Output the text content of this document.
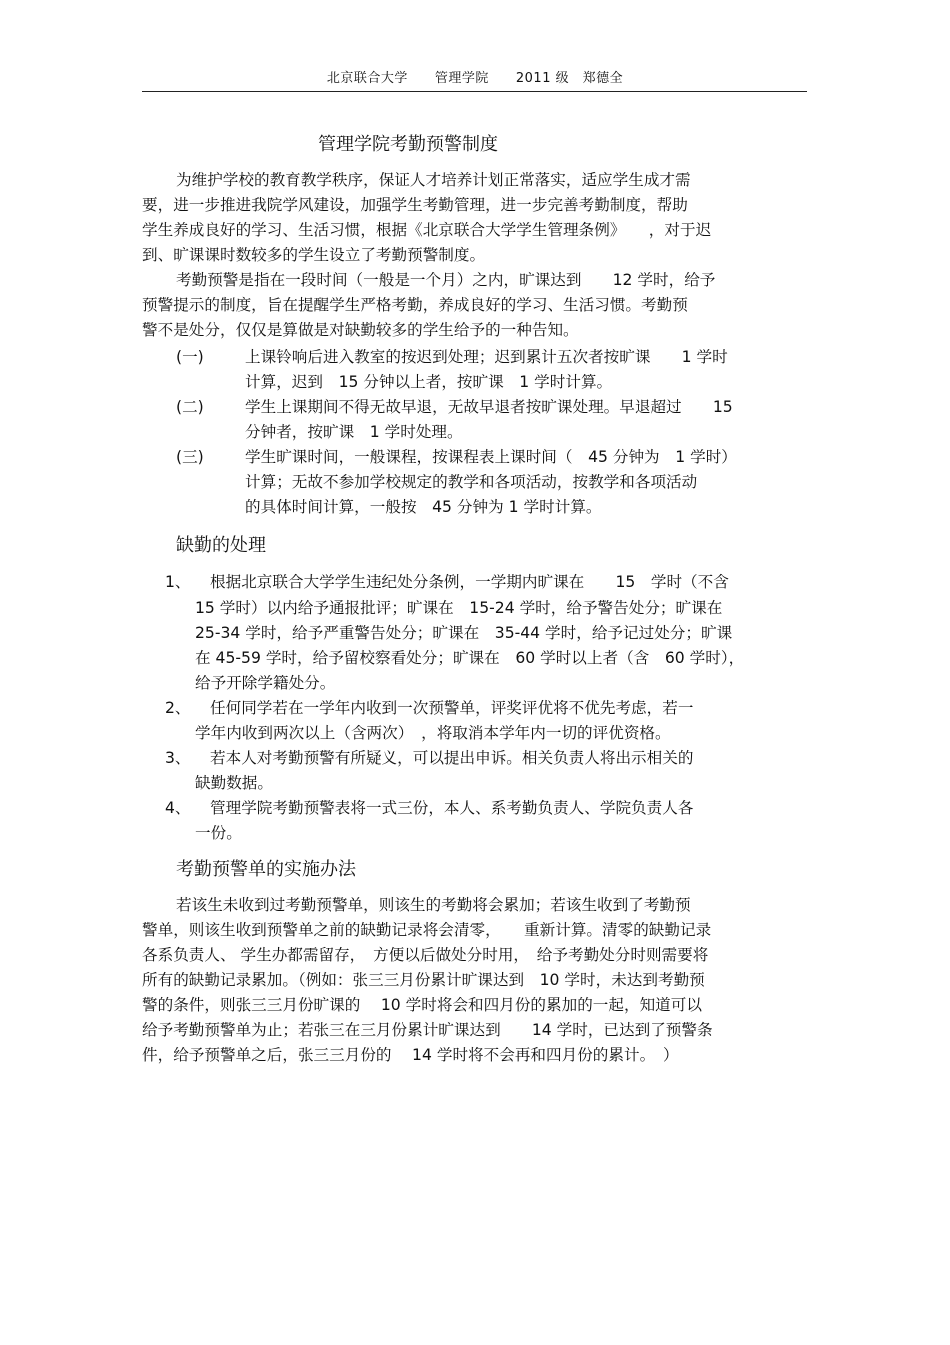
北京联合大学　　管理学院　　2011 级　郑德全
管理学院考勤预警制度
为维护学校的教育教学秩序，保证人才培养计划正常落实，适应学生成才需
要，进一步推进我院学风建设，加强学生考勤管理，进一步完善考勤制度，帮助
学生养成良好的学习、生活习惯，根据《北京联合大学学生管理条例》　　，对于迟
到、旷课课时数较多的学生设立了考勤预警制度。
考勤预警是指在一段时间（一般是一个月）之内，旷课达到　　12 学时，给予
预警提示的制度，旨在提醒学生严格考勤，养成良好的学习、生活习惯。考勤预
警不是处分，仅仅是算做是对缺勤较多的学生给予的一种告知。
(一)	上课铃响后进入教室的按迟到处理；迟到累计五次者按旷课　　1 学时
计算，迟到　15 分钟以上者，按旷课　1 学时计算。
(二)	学生上课期间不得无故早退，无故早退者按旷课处理。早退超过　　15
分钟者，按旷课　1 学时处理。
(三)	学生旷课时间，一般课程，按课程表上课时间（　45 分钟为　1 学时）
计算；无故不参加学校规定的教学和各项活动，按教学和各项活动
的具体时间计算，一般按　45 分钟为 1 学时计算。
缺勤的处理
1、 根据北京联合大学学生违纪处分条例，一学期内旷课在　　15　学时（不含
15 学时）以内给予通报批评；旷课在　15-24 学时，给予警告处分；旷课在
25-34 学时，给予严重警告处分；旷课在　35-44 学时，给予记过处分；旷课
在 45-59 学时，给予留校察看处分；旷课在　60 学时以上者（含　60 学时），
给予开除学籍处分。
2、 任何同学若在一学年内收到一次预警单，评奖评优将不优先考虑，若一
学年内收到两次以上（含两次）　，将取消本学年内一切的评优资格。
3、 若本人对考勤预警有所疑义，可以提出申诉。相关负责人将出示相关的
缺勤数据。
4、 管理学院考勤预警表将一式三份，本人、系考勤负责人、学院负责人各
一份。
考勤预警单的实施办法
若该生未收到过考勤预警单，则该生的考勤将会累加；若该生收到了考勤预
警单，则该生收到预警单之前的缺勤记录将会清零，　　重新计算。清零的缺勤记录
各系负责人、 学生办都需留存，　方便以后做处分时用，　给予考勤处分时则需要将
所有的缺勤记录累加。（例如：张三三月份累计旷课达到　10 学时，未达到考勤预
警的条件，则张三三月份旷课的　 10 学时将会和四月份的累加的一起，知道可以
给予考勤预警单为止；若张三在三月份累计旷课达到　　14 学时，已达到了预警条
件，给予预警单之后，张三三月份的　 14 学时将不会再和四月份的累计。　）
